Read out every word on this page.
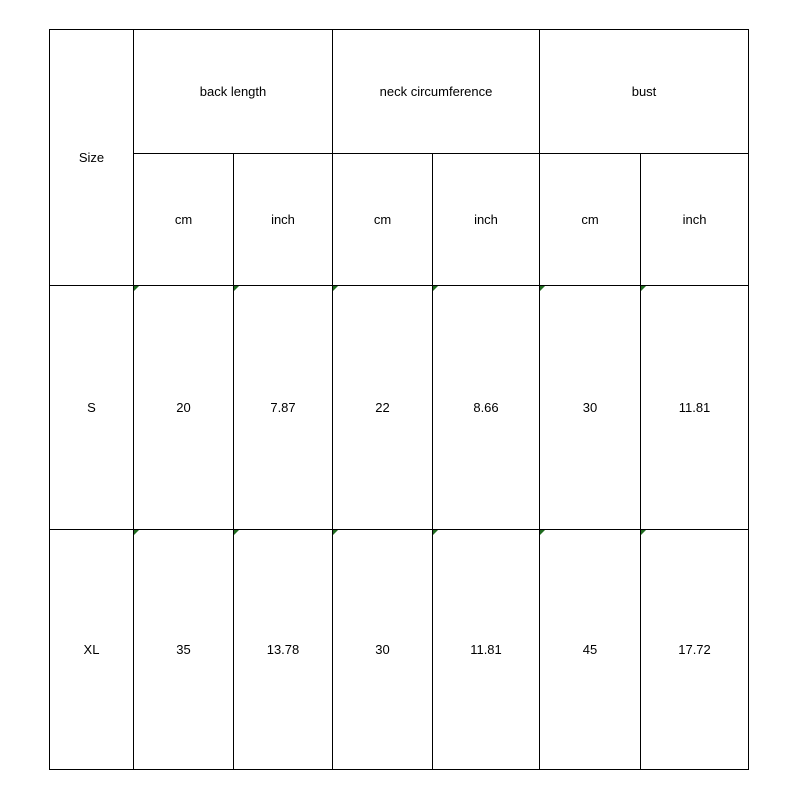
Size	back length		neck circumference		bust	
	cm	inch	cm	inch	cm	inch
S	20	7.87	22	8.66	30	11.81
XL	35	13.78	30	11.81	45	17.72
